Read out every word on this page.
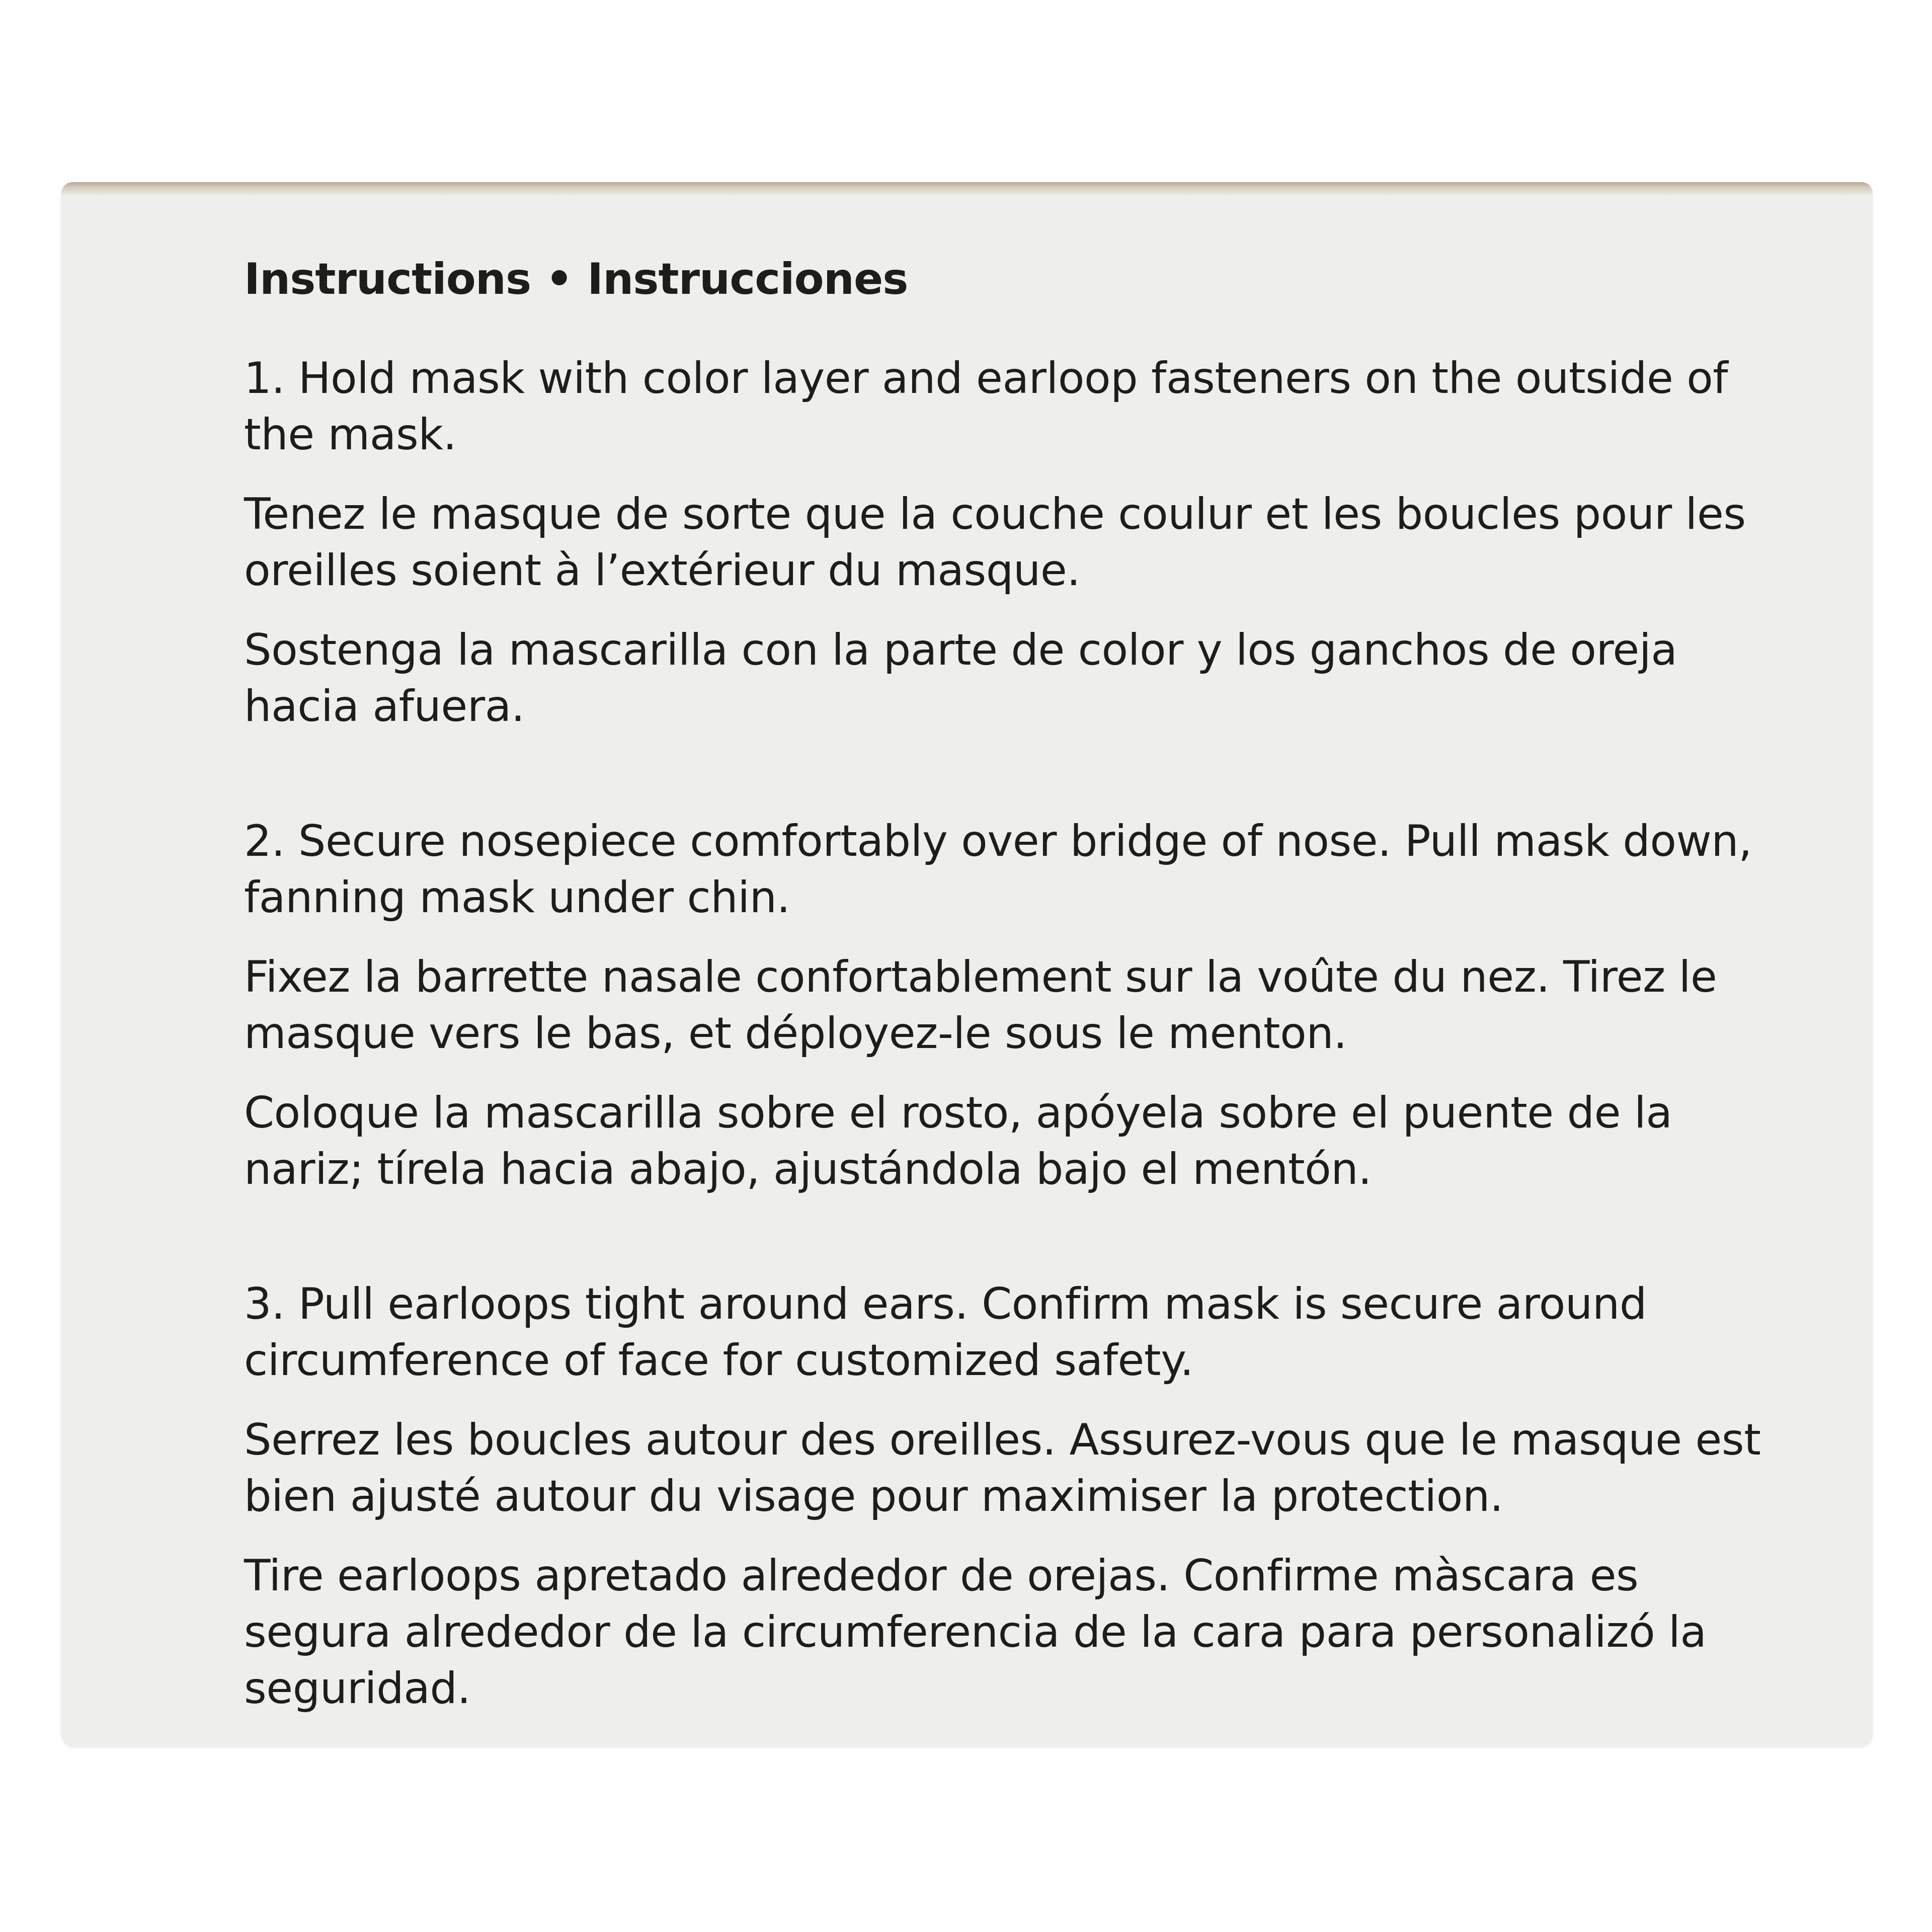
Instructions • Instrucciones
1. Hold mask with color layer and earloop fasteners on the outside of the mask.
Tenez le masque de sorte que la couche coulur et les boucles pour les oreilles soient à l’extérieur du masque.
Sostenga la mascarilla con la parte de color y los ganchos de oreja hacia afuera.
2. Secure nosepiece comfortably over bridge of nose. Pull mask down, fanning mask under chin.
Fixez la barrette nasale confortablement sur la voûte du nez. Tirez le masque vers le bas, et déployez-le sous le menton.
Coloque la mascarilla sobre el rosto, apóyela sobre el puente de la nariz; tírela hacia abajo, ajustándola bajo el mentón.
3. Pull earloops tight around ears. Confirm mask is secure around circumference of face for customized safety.
Serrez les boucles autour des oreilles. Assurez-vous que le masque est bien ajusté autour du visage pour maximiser la protection.
Tire earloops apretado alrededor de orejas. Confirme màscara es segura alrededor de la circumferencia de la cara para personalizó la seguridad.
